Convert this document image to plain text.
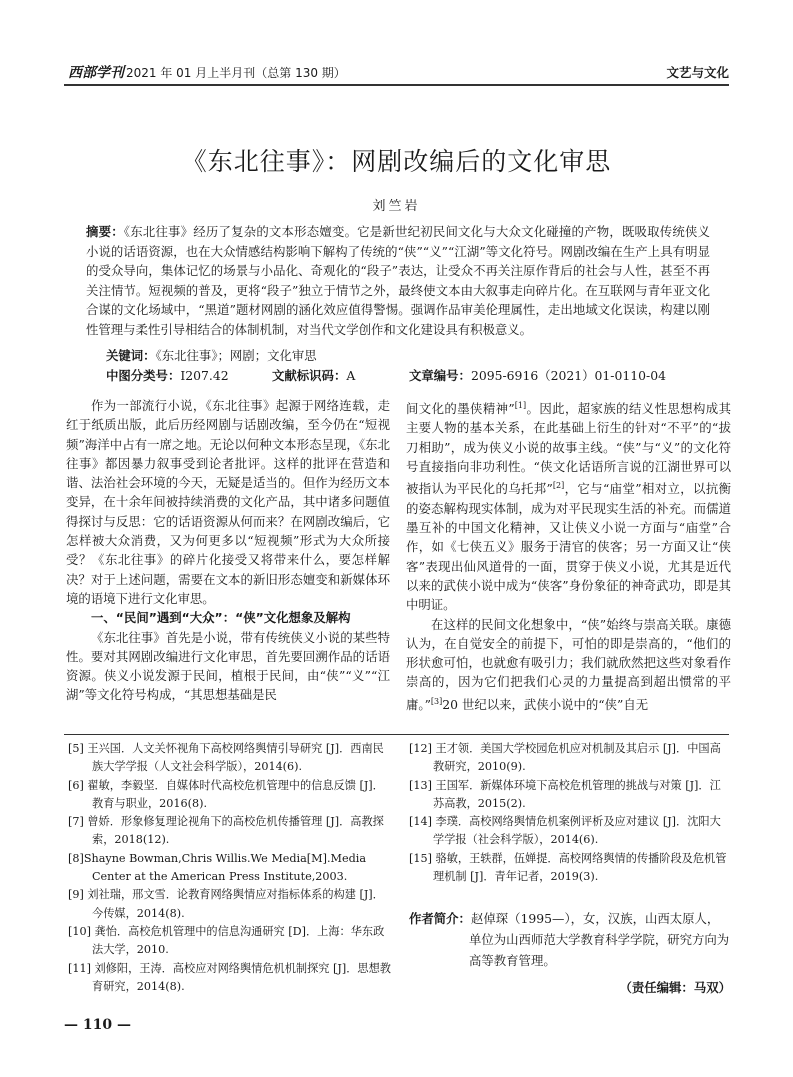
西部学刊 2021 年 01 月上半月刊（总第 130 期）	文艺与文化
《东北往事》：网剧改编后的文化审思
刘竺岩
摘要：《东北往事》经历了复杂的文本形态嬗变。它是新世纪初民间文化与大众文化碰撞的产物，既吸取传统侠义小说的话语资源，也在大众情感结构影响下解构了传统的“侠”“义”“江湖”等文化符号。网剧改编在生产上具有明显的受众导向，集体记忆的场景与小品化、奇观化的“段子”表达，让受众不再关注原作背后的社会与人性，甚至不再关注情节。短视频的普及，更将“段子”独立于情节之外，最终使文本由大叙事走向碎片化。在互联网与青年亚文化合谋的文化场域中，“黑道”题材网剧的涵化效应值得警惕。强调作品审美伦理属性，走出地域文化误读，构建以刚性管理与柔性引导相结合的体制机制，对当代文学创作和文化建设具有积极意义。
关键词：《东北往事》；网剧；文化审思
中图分类号：I207.42	文献标识码：A	文章编号：2095-6916（2021）01-0110-04

作为一部流行小说，《东北往事》起源于网络连载，走红于纸质出版，此后历经网剧与话剧改编，至今仍在“短视频”海洋中占有一席之地。无论以何种文本形态呈现，《东北往事》都因暴力叙事受到论者批评。这样的批评在营造和谐、法治社会环境的今天，无疑是适当的。但作为经历文本变异，在十余年间被持续消费的文化产品，其中诸多问题值得探讨与反思：它的话语资源从何而来？在网剧改编后，它怎样被大众消费，又为何更多以“短视频”形式为大众所接受？《东北往事》的碎片化接受又将带来什么，要怎样解决？对于上述问题，需要在文本的新旧形态嬗变和新媒体环境的语境下进行文化审思。

一、“民间”遇到“大众”：“侠”文化想象及解构

《东北往事》首先是小说，带有传统侠义小说的某些特性。要对其网剧改编进行文化审思，首先要回溯作品的话语资源。侠义小说发源于民间，植根于民间，由“侠”“义”“江湖”等文化符号构成，“其思想基础是民

间文化的墨侠精神”[1]。因此，超家族的结义性思想构成其主要人物的基本关系，在此基础上衍生的针对“不平”的“拔刀相助”，成为侠义小说的故事主线。“侠”与“义”的文化符号直接指向非功利性。“侠文化话语所言说的江湖世界可以被指认为平民化的乌托邦”[2]，它与“庙堂”相对立，以抗衡的姿态解构现实体制，成为对平民现实生活的补充。而儒道墨互补的中国文化精神，又让侠义小说一方面与“庙堂”合作，如《七侠五义》服务于清官的侠客；另一方面又让“侠客”表现出仙风道骨的一面，贯穿于侠义小说，尤其是近代以来的武侠小说中成为“侠客”身份象征的神奇武功，即是其中明证。

在这样的民间文化想象中，“侠”始终与崇高关联。康德认为，在自觉安全的前提下，可怕的即是崇高的，“他们的形状愈可怕，也就愈有吸引力；我们就欣然把这些对象看作崇高的，因为它们把我们心灵的力量提高到超出惯常的平庸。”[3]20 世纪以来，武侠小说中的“侠”自无

[5] 王兴国．人文关怀视角下高校网络舆情引导研究 [J]．西南民族大学学报（人文社会科学版），2014(6).
[6] 翟敏，李毅坚．自媒体时代高校危机管理中的信息反馈 [J]．教育与职业，2016(8).
[7] 曾娇．形象修复理论视角下的高校危机传播管理 [J]．高教探索，2018(12).
[8]Shayne Bowman,Chris Willis.We Media[M].Media Center at the American Press Institute,2003.
[9] 刘社瑞，邢文雪．论教育网络舆情应对指标体系的构建 [J]．今传媒，2014(8).
[10] 龚怡．高校危机管理中的信息沟通研究 [D]．上海：华东政法大学，2010.
[11] 刘修阳，王涛．高校应对网络舆情危机机制探究 [J]．思想教育研究，2014(8).
[12] 王才领．美国大学校园危机应对机制及其启示 [J]．中国高教研究，2010(9).
[13] 王国军．新媒体环境下高校危机管理的挑战与对策 [J]．江苏高教，2015(2).
[14] 李璞．高校网络舆情危机案例评析及应对建议 [J]．沈阳大学学报（社会科学版），2014(6).
[15] 骆敏，王轶群，伍婵提．高校网络舆情的传播阶段及危机管理机制 [J]．青年记者，2019(3).
作者简介：赵倬琛（1995—），女，汉族，山西太原人，单位为山西师范大学教育科学学院，研究方向为高等教育管理。
（责任编辑：马双）
— 110 —
